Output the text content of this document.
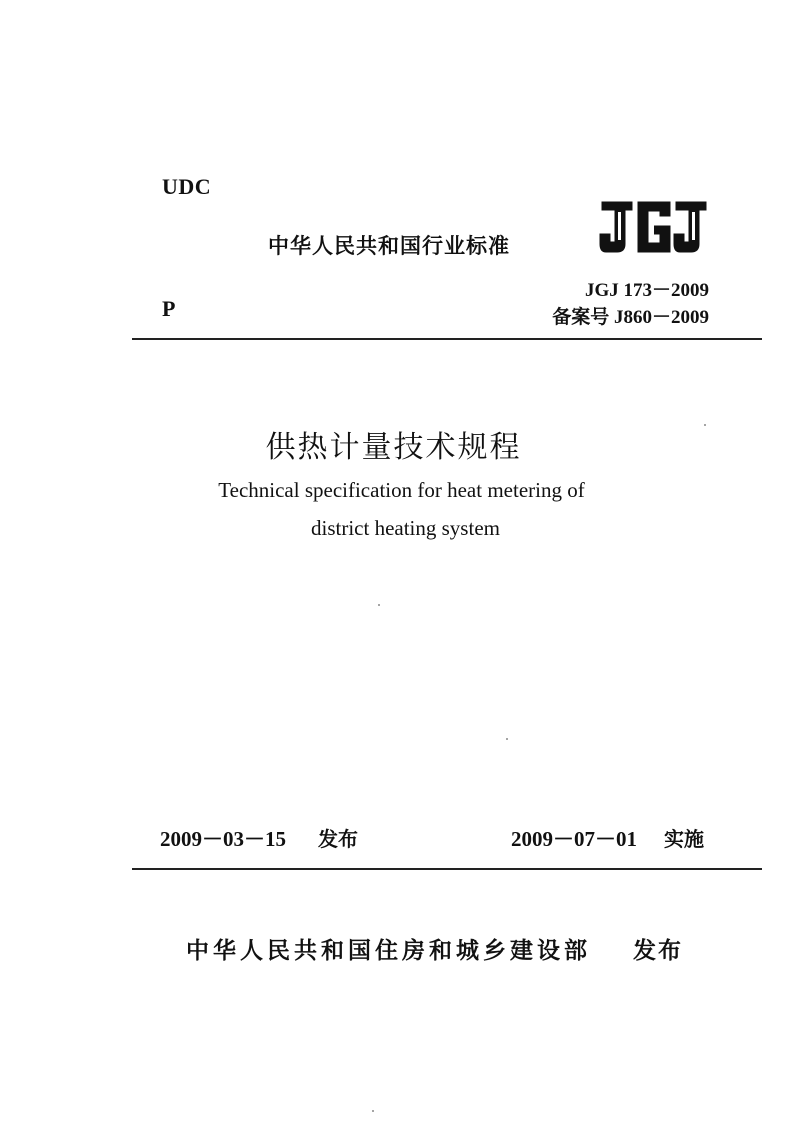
UDC
中华人民共和国行业标准
P
JGJ 173－2009
备案号 J860－2009
供热计量技术规程
Technical specification for heat metering of
district heating system
2009－03－15 发布	2009－07－01 实施
中华人民共和国住房和城乡建设部 发布
